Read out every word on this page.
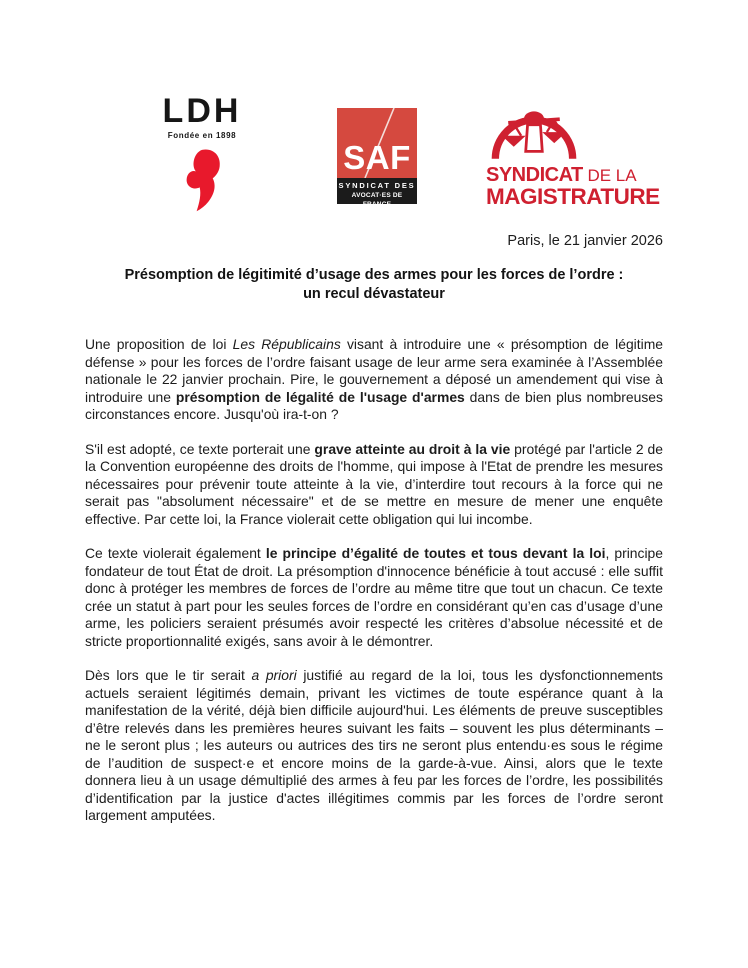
LDH
Fondée en 1898
SAF
SYNDICAT DES
AVOCAT·ES DE FRANCE
SYNDICAT DE LA
MAGISTRATURE
Paris, le 21 janvier 2026
Présomption de légitimité d’usage des armes pour les forces de l’ordre :
un recul dévastateur

Une proposition de loi Les Républicains visant à introduire une « présomption de légitime défense » pour les forces de l’ordre faisant usage de leur arme sera examinée à l’Assemblée nationale le 22 janvier prochain. Pire, le gouvernement a déposé un amendement qui vise à introduire une présomption de légalité de l'usage d'armes dans de bien plus nombreuses circonstances encore. Jusqu'où ira-t-on ?

S'il est adopté, ce texte porterait une grave atteinte au droit à la vie protégé par l'article 2 de la Convention européenne des droits de l'homme, qui impose à l'Etat de prendre les mesures nécessaires pour prévenir toute atteinte à la vie, d’interdire tout recours à la force qui ne serait pas "absolument nécessaire" et de se mettre en mesure de mener une enquête effective. Par cette loi, la France violerait cette obligation qui lui incombe.

Ce texte violerait également le principe d’égalité de toutes et tous devant la loi, principe fondateur de tout État de droit. La présomption d'innocence bénéficie à tout accusé : elle suffit donc à protéger les membres de forces de l’ordre au même titre que tout un chacun. Ce texte crée un statut à part pour les seules forces de l’ordre en considérant qu’en cas d’usage d’une arme, les policiers seraient présumés avoir respecté les critères d’absolue nécessité et de stricte proportionnalité exigés, sans avoir à le démontrer.

Dès lors que le tir serait a priori justifié au regard de la loi, tous les dysfonctionnements actuels seraient légitimés demain, privant les victimes de toute espérance quant à la manifestation de la vérité, déjà bien difficile aujourd'hui. Les éléments de preuve susceptibles d’être relevés dans les premières heures suivant les faits – souvent les plus déterminants – ne le seront plus ; les auteurs ou autrices des tirs ne seront plus entendu·es sous le régime de l’audition de suspect·e et encore moins de la garde-à-vue. Ainsi, alors que le texte donnera lieu à un usage démultiplié des armes à feu par les forces de l’ordre, les possibilités d’identification par la justice d'actes illégitimes commis par les forces de l’ordre seront largement amputées.
